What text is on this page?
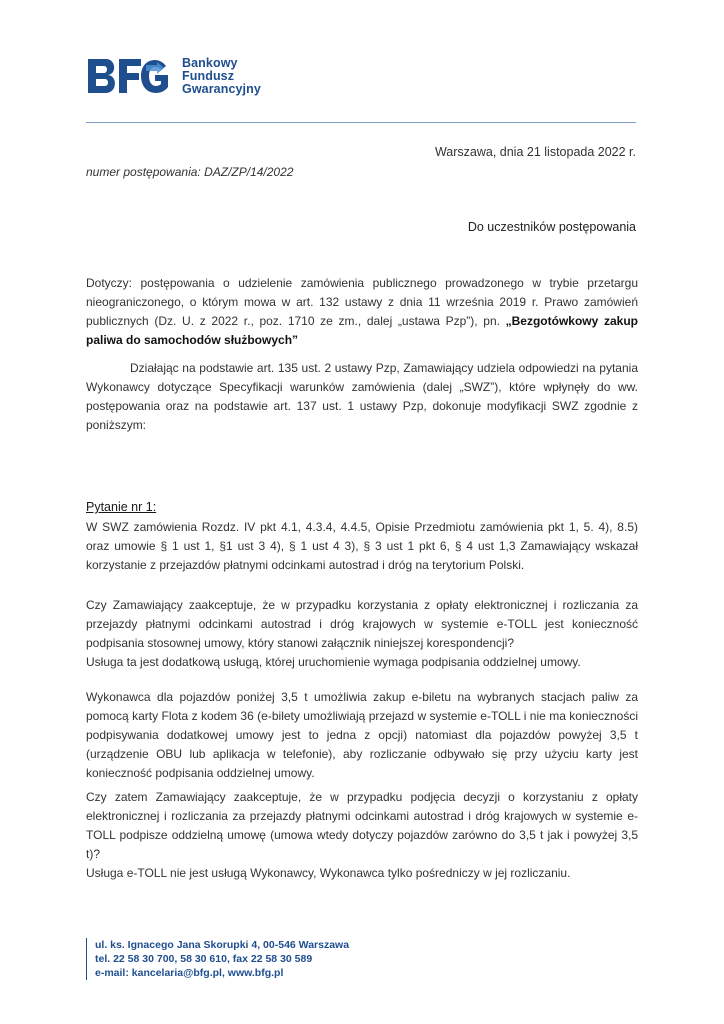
Bankowy
Fundusz
Gwarancyjny
Warszawa, dnia 21 listopada 2022 r.
numer postępowania: DAZ/ZP/14/2022
Do uczestników postępowania
Dotyczy: postępowania o udzielenie zamówienia publicznego prowadzonego w trybie przetargu nieograniczonego, o którym mowa w art. 132 ustawy z dnia 11 września 2019 r. Prawo zamówień publicznych (Dz. U. z 2022 r., poz. 1710 ze zm., dalej „ustawa Pzp”), pn. „Bezgotówkowy zakup paliwa do samochodów służbowych”

Działając na podstawie art. 135 ust. 2 ustawy Pzp, Zamawiający udziela odpowiedzi na pytania Wykonawcy dotyczące Specyfikacji warunków zamówienia (dalej „SWZ”), które wpłynęły do ww. postępowania oraz na podstawie art. 137 ust. 1 ustawy Pzp, dokonuje modyfikacji SWZ zgodnie z poniższym:

Pytanie nr 1:

W SWZ zamówienia Rozdz. IV pkt 4.1, 4.3.4, 4.4.5, Opisie Przedmiotu zamówienia pkt 1, 5. 4), 8.5) oraz umowie § 1 ust 1, §1 ust 3 4), § 1 ust 4 3), § 3 ust 1 pkt 6, § 4 ust 1,3 Zamawiający wskazał korzystanie z przejazdów płatnymi odcinkami autostrad i dróg na terytorium Polski.

Czy Zamawiający zaakceptuje, że w przypadku korzystania z opłaty elektronicznej i rozliczania za przejazdy płatnymi odcinkami autostrad i dróg krajowych w systemie e-TOLL jest konieczność podpisania stosownej umowy, który stanowi załącznik niniejszej korespondencji?

Usługa ta jest dodatkową usługą, której uruchomienie wymaga podpisania oddzielnej umowy.

Wykonawca dla pojazdów poniżej 3,5 t umożliwia zakup e-biletu na wybranych stacjach paliw za pomocą karty Flota z kodem 36 (e-bilety umożliwiają przejazd w systemie e-TOLL i nie ma konieczności podpisywania dodatkowej umowy jest to jedna z opcji) natomiast dla pojazdów powyżej 3,5 t (urządzenie OBU lub aplikacja w telefonie), aby rozliczanie odbywało się przy użyciu karty jest konieczność podpisania oddzielnej umowy.

Czy zatem Zamawiający zaakceptuje, że w przypadku podjęcia decyzji o korzystaniu z opłaty elektronicznej i rozliczania za przejazdy płatnymi odcinkami autostrad i dróg krajowych w systemie e-TOLL podpisze oddzielną umowę (umowa wtedy dotyczy pojazdów zarówno do 3,5 t jak i powyżej 3,5 t)?

Usługa e-TOLL nie jest usługą Wykonawcy, Wykonawca tylko pośredniczy w jej rozliczaniu.

ul. ks. Ignacego Jana Skorupki 4, 00-546 Warszawa
tel. 22 58 30 700, 58 30 610, fax 22 58 30 589
e-mail: kancelaria@bfg.pl, www.bfg.pl
